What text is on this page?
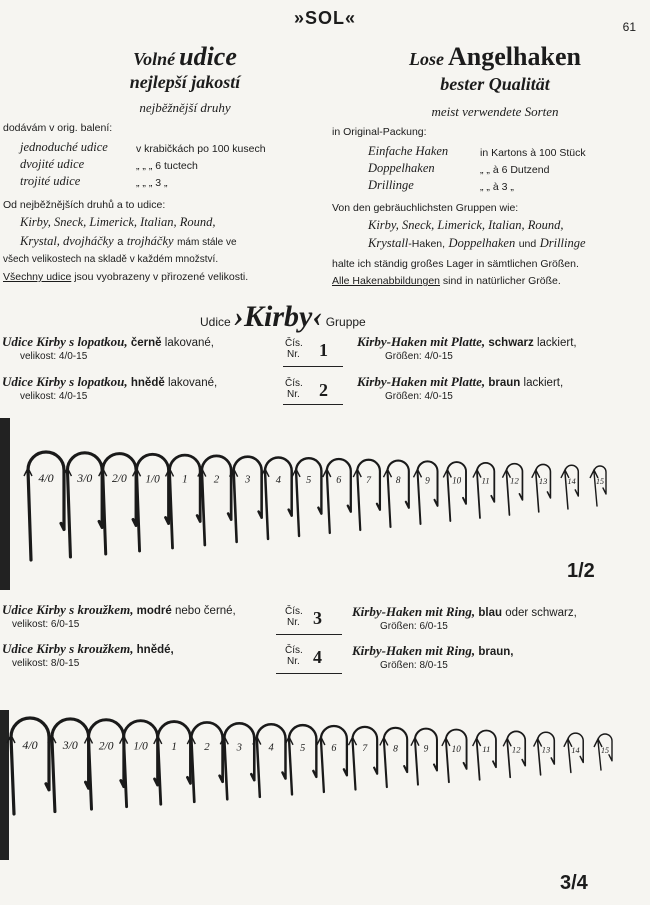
»SOL«	61
Volné udice
nejlepší jakostí
nejběžnější druhy
dodávám v orig. balení:
jednoduché udice	v krabičkách po 100 kusech
dvojité udice	„ „ „ 6 tuctech
trojité udice	„ „ „ 3 „
Od nejběžnějších druhů a to udice:
Kirby, Sneck, Limerick, Italian, Round,
Krystal, dvojháčky a trojháčky mám stále ve
všech velikostech na skladě v každém množství.
Všechny udice jsou vyobrazeny v přirozené velikosti.
Lose Angelhaken
bester Qualität
meist verwendete Sorten
in Original-Packung:
Einfache Haken	in Kartons à 100 Stück
Doppelhaken	„ „ à 6 Dutzend
Drillinge	„ „ à 3 „
Von den gebräuchlichsten Gruppen wie:
Kirby, Sneck, Limerick, Italian, Round,
Krystall-Haken, Doppelhaken und Drillinge
halte ich ständig großes Lager in sämtlichen Größen.
Alle Hakenabbildungen sind in natürlicher Größe.
Udice ›Kirby‹ Gruppe
Udice Kirby s lopatkou, černě lakované,
velikost: 4/0-15
Čís.
Nr. 1 Kirby-Haken mit Platte, schwarz lackiert,
Größen: 4/0-15
Udice Kirby s lopatkou, hnědě lakované,
velikost: 4/0-15
Čís.
Nr. 2 Kirby-Haken mit Platte, braun lackiert,
Größen: 4/0-15
4/0 3/0 2/0 1/0 1 2 3 4 5	6	7	8	9 10 11 12 13 14	15
1/2
Udice Kirby s kroužkem, modré nebo černé,
velikost: 6/0-15
Čís.
Nr. 3 Kirby-Haken mit Ring, blau oder schwarz,
Größen: 6/0-15
Udice Kirby s kroužkem, hnědé,
velikost: 8/0-15
Čís.
Nr. 4 Kirby-Haken mit Ring, braun,
Größen: 8/0-15
4/0 3/0 2/0 1/0 1	2	3	4	5	6	7	8	9	10 11 12	13	14	15
3/4
